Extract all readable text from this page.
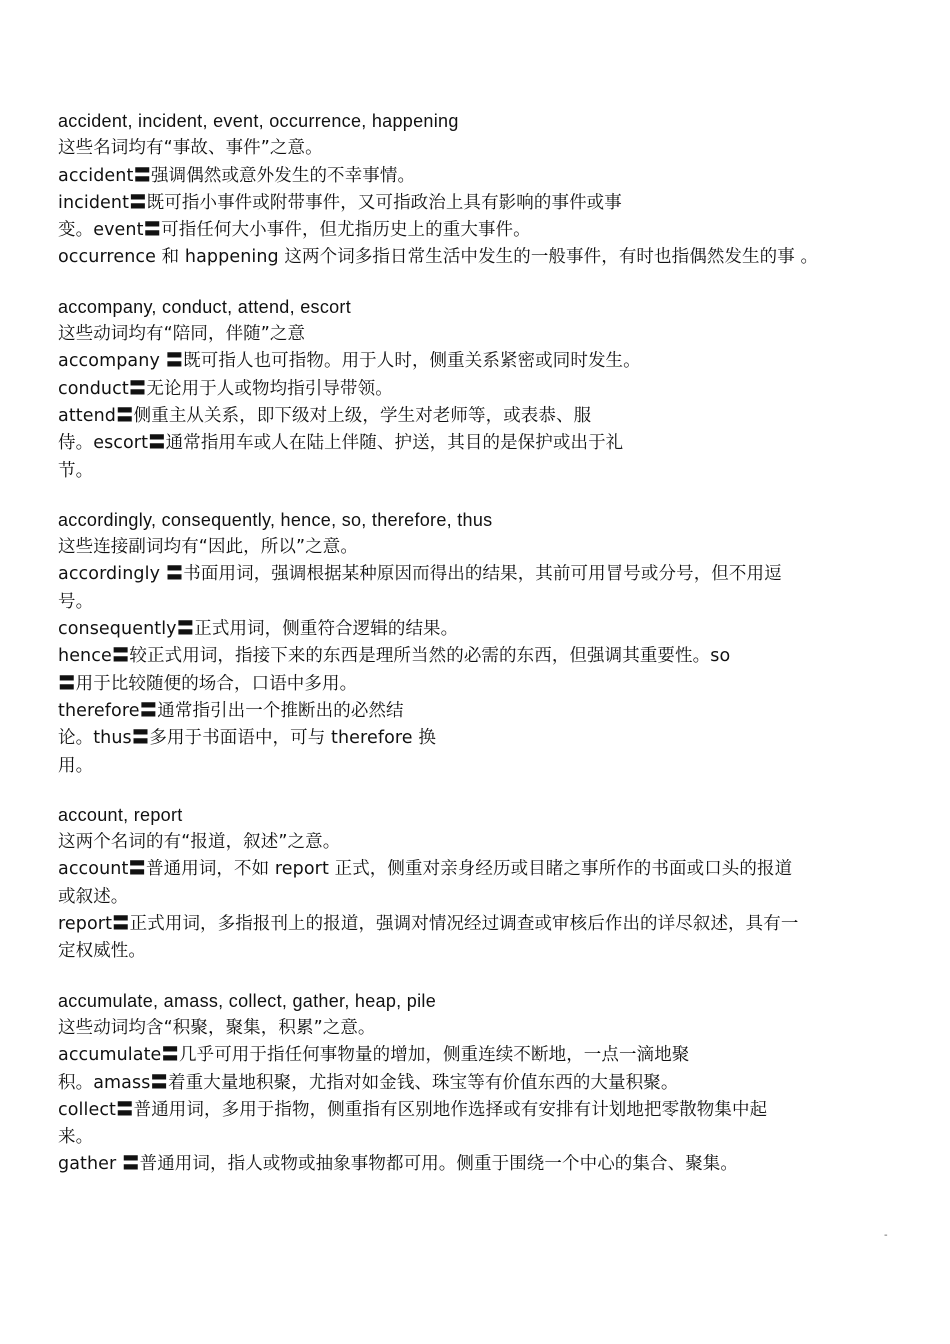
accident, incident, event, occurrence, happening
这些名词均有“事故、事件”之意。
accident〓强调偶然或意外发生的不幸事情。
incident〓既可指小事件或附带事件，又可指政治上具有影响的事件或事
变。event〓可指任何大小事件，但尤指历史上的重大事件。
occurrence 和 happening 这两个词多指日常生活中发生的一般事件，有时也指偶然发生的事 。
accompany, conduct, attend, escort
这些动词均有“陪同，伴随”之意
accompany 〓既可指人也可指物。用于人时，侧重关系紧密或同时发生。
conduct〓无论用于人或物均指引导带领。
attend〓侧重主从关系，即下级对上级，学生对老师等，或表恭、服
侍。escort〓通常指用车或人在陆上伴随、护送，其目的是保护或出于礼
节。
accordingly, consequently, hence, so, therefore, thus
这些连接副词均有“因此，所以”之意。
accordingly 〓书面用词，强调根据某种原因而得出的结果，其前可用冒号或分号，但不用逗
号。
consequently〓正式用词，侧重符合逻辑的结果。
hence〓较正式用词，指接下来的东西是理所当然的必需的东西，但强调其重要性。so
〓用于比较随便的场合，口语中多用。
therefore〓通常指引出一个推断出的必然结
论。thus〓多用于书面语中，可与 therefore 换
用。
account, report
这两个名词的有“报道，叙述”之意。
account〓普通用词，不如 report 正式，侧重对亲身经历或目睹之事所作的书面或口头的报道
或叙述。
report〓正式用词，多指报刊上的报道，强调对情况经过调查或审核后作出的详尽叙述，具有一
定权威性。
accumulate, amass, collect, gather, heap, pile
这些动词均含“积聚，聚集，积累”之意。
accumulate〓几乎可用于指任何事物量的增加，侧重连续不断地，一点一滴地聚
积。amass〓着重大量地积聚，尤指对如金钱、珠宝等有价值东西的大量积聚。
collect〓普通用词，多用于指物，侧重指有区别地作选择或有安排有计划地把零散物集中起
来。
gather 〓普通用词，指人或物或抽象事物都可用。侧重于围绕一个中心的集合、聚集。
-
